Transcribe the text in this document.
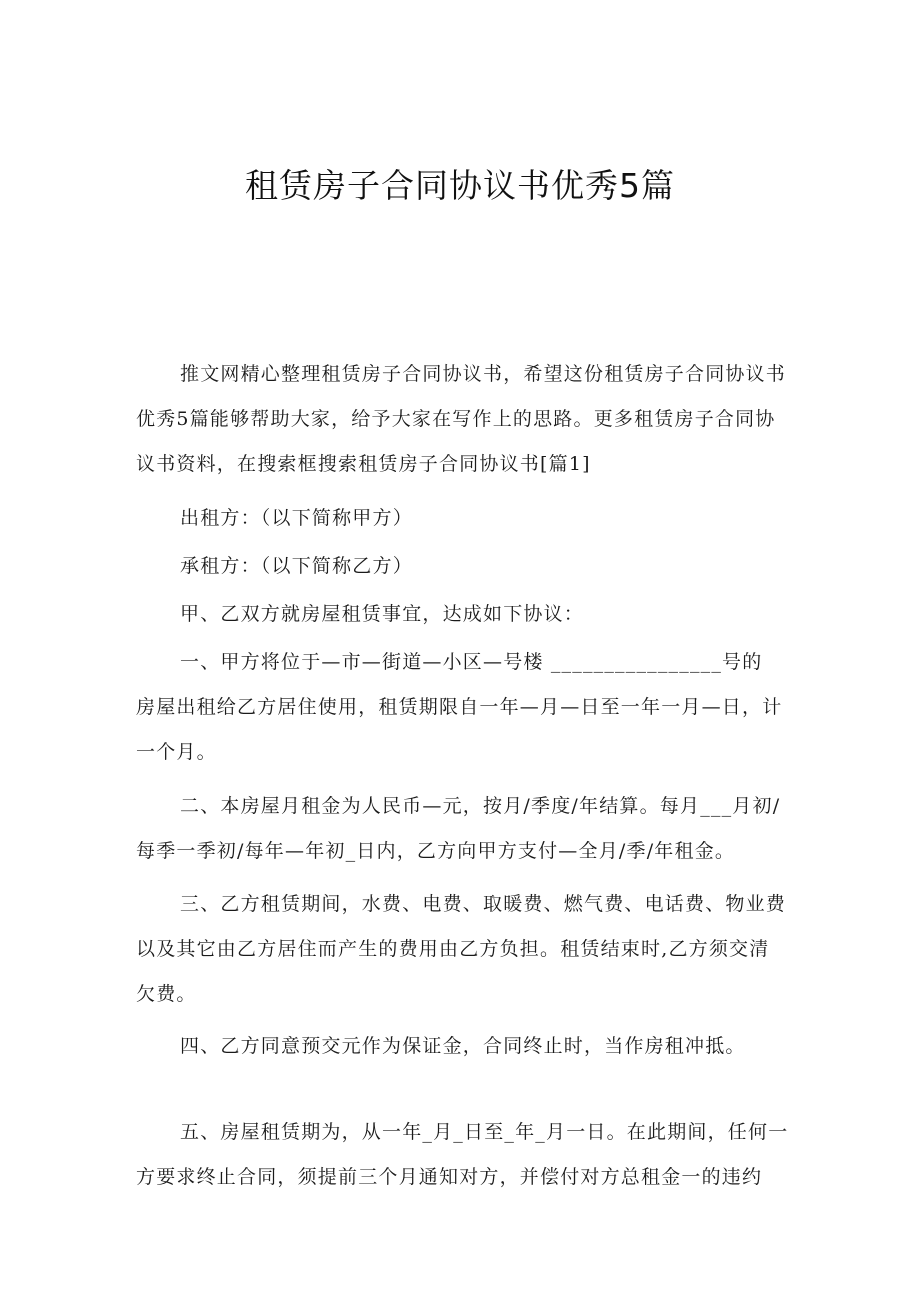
租赁房子合同协议书优秀5篇

推文网精心整理租赁房子合同协议书，希望这份租赁房子合同协议书
优秀5篇能够帮助大家，给予大家在写作上的思路。更多租赁房子合同协
议书资料，在搜索框搜索租赁房子合同协议书[篇1]

出租方：（以下简称甲方）

承租方：（以下简称乙方）

甲、乙双方就房屋租赁事宜，达成如下协议：

一、甲方将位于—市—街道—小区—号楼 ________________号的
房屋出租给乙方居住使用，租赁期限自一年—月—日至一年一月—日，计
一个月。

二、本房屋月租金为人民币—元，按月/季度/年结算。每月___月初/
每季一季初/每年—年初_日内，乙方向甲方支付—全月/季/年租金。

三、乙方租赁期间，水费、电费、取暖费、燃气费、电话费、物业费
以及其它由乙方居住而产生的费用由乙方负担。租赁结束时,乙方须交清
欠费。

四、乙方同意预交元作为保证金，合同终止时，当作房租冲抵。

五、房屋租赁期为，从一年_月_日至_年_月一日。在此期间，任何一
方要求终止合同，须提前三个月通知对方，并偿付对方总租金一的违约
